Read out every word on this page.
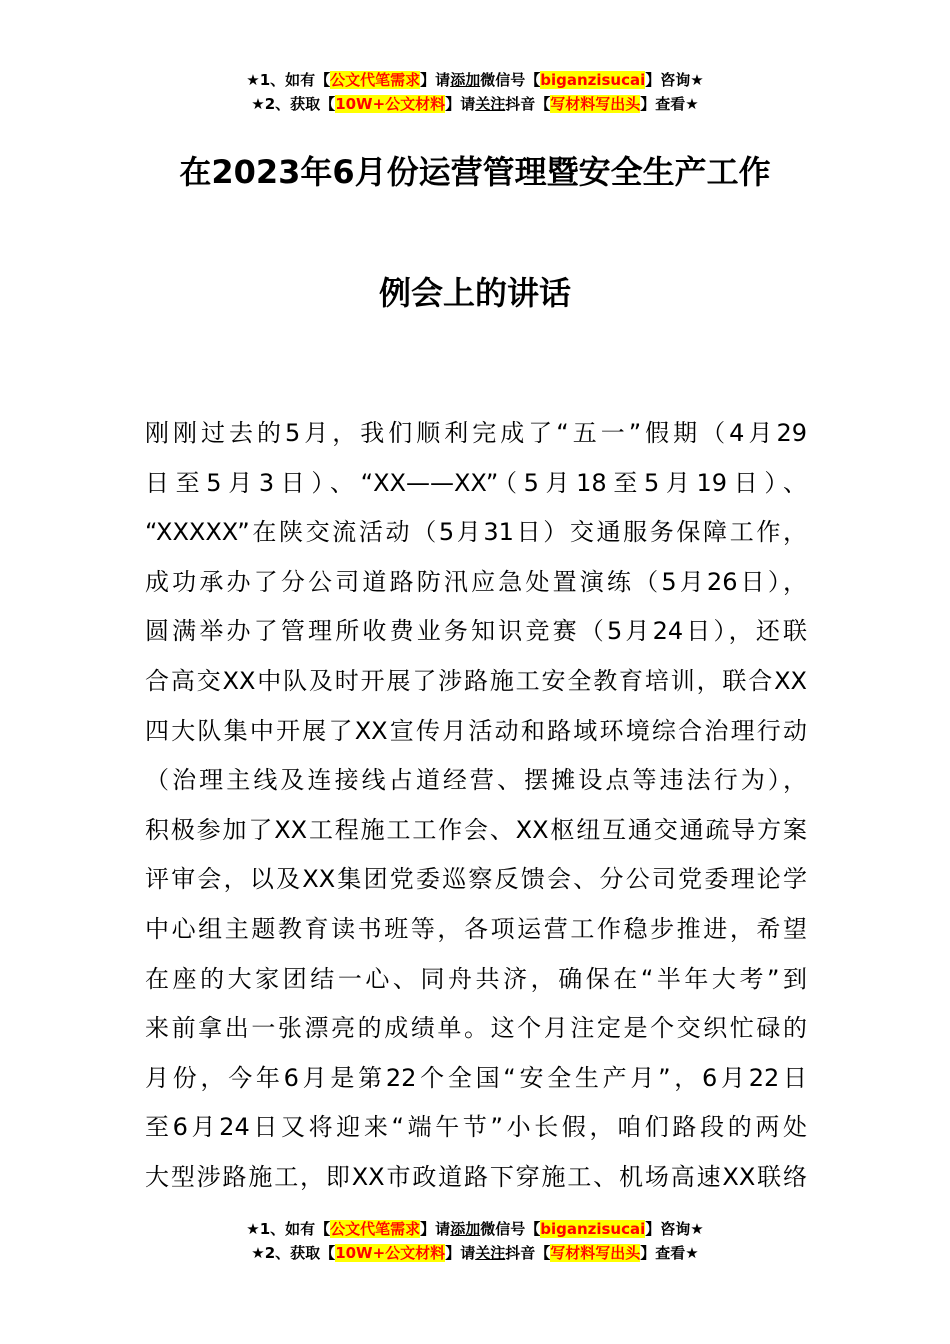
★1、如有【公文代笔需求】请添加微信号【biganzisucai】咨询★
★2、获取【10W+公文材料】请关注抖音【写材料写出头】查看★
在2023年6月份运营管理暨安全生产工作
例会上的讲话
刚刚过去的5月，我们顺利完成了“五一”假期（4月29
日至5月3日）、“XX——XX”（5月18至5月19日）、
“XXXXX”在陕交流活动（5月31日）交通服务保障工作，
成功承办了分公司道路防汛应急处置演练（5月26日），
圆满举办了管理所收费业务知识竞赛（5月24日），还联
合高交XX中队及时开展了涉路施工安全教育培训，联合XX
四大队集中开展了XX宣传月活动和路域环境综合治理行动
（治理主线及连接线占道经营、摆摊设点等违法行为），
积极参加了XX工程施工工作会、XX枢纽互通交通疏导方案
评审会，以及XX集团党委巡察反馈会、分公司党委理论学
中心组主题教育读书班等，各项运营工作稳步推进，希望
在座的大家团结一心、同舟共济，确保在“半年大考”到
来前拿出一张漂亮的成绩单。这个月注定是个交织忙碌的
月份，今年6月是第22个全国“安全生产月”，6月22日
至6月24日又将迎来“端午节”小长假，咱们路段的两处
大型涉路施工，即XX市政道路下穿施工、机场高速XX联络
★1、如有【公文代笔需求】请添加微信号【biganzisucai】咨询★
★2、获取【10W+公文材料】请关注抖音【写材料写出头】查看★
